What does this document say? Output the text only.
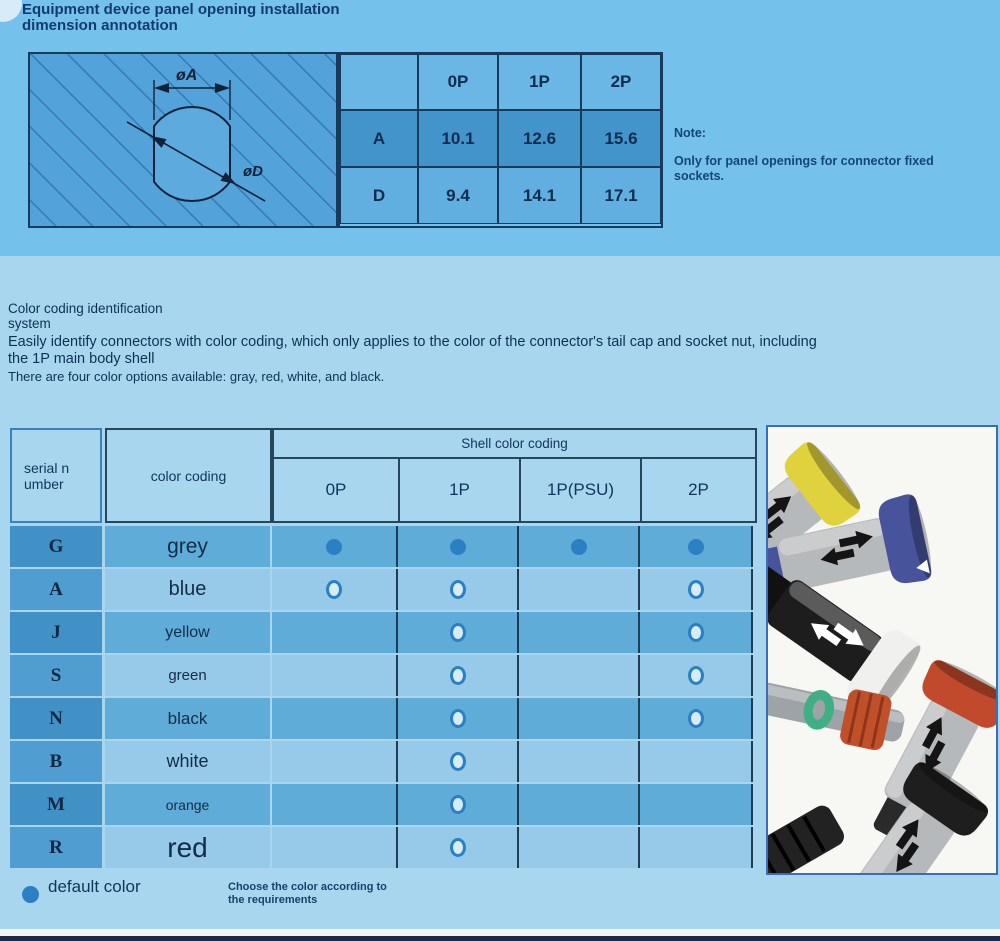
Equipment device panel opening installation
dimension annotation
øA
øD
0P	1P	2P
A	10.1	12.6	15.6
D	9.4	14.1	17.1
Note:
Only for panel openings for connector fixed sockets.
Color coding identification
system
Easily identify connectors with color coding, which only applies to the color of the connector's tail cap and socket nut, including
the 1P main body shell
There are four color options available: gray, red, white, and black.
serial number	color coding
Shell color coding
0P	1P	1P(PSU)	2P
G	grey
A	blue
J	yellow
S	green
N	black
B	white
M	orange
R	red
default color	Choose the color according to
the requirements
